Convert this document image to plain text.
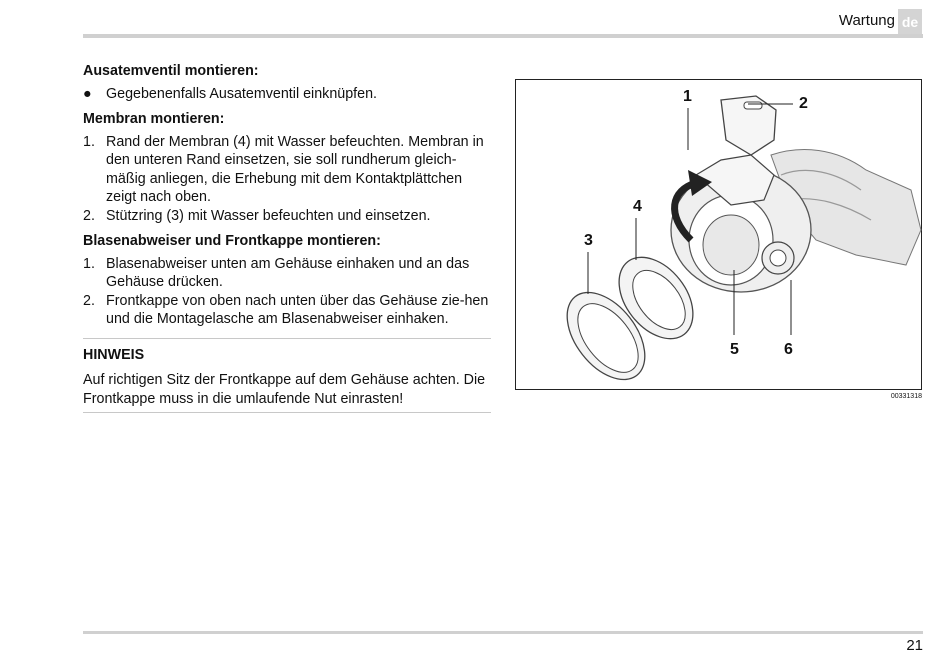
Wartung de
Ausatemventil montieren:
●	Gegebenenfalls Ausatemventil einknüpfen.
Membran montieren:
1. Rand der Membran (4) mit Wasser befeuchten. Membran in den unteren Rand einsetzen, sie soll rundherum gleich-mäßig anliegen, die Erhebung mit dem Kontaktplättchen zeigt nach oben.
2. Stützring (3) mit Wasser befeuchten und einsetzen.
Blasenabweiser und Frontkappe montieren:
1. Blasenabweiser unten am Gehäuse einhaken und an das Gehäuse drücken.
2. Frontkappe von oben nach unten über das Gehäuse zie-hen und die Montagelasche am Blasenabweiser einhaken.
HINWEIS
Auf richtigen Sitz der Frontkappe auf dem Gehäuse achten. Die Frontkappe muss in die umlaufende Nut einrasten!
1	2
3
4
5	6
00331318
21
